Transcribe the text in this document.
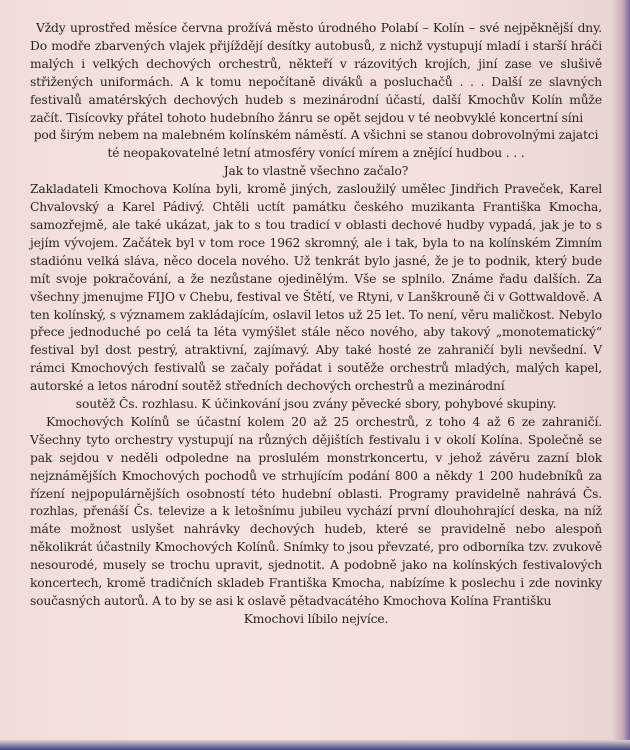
Vždy uprostřed měsíce června prožívá město úrodného Polabí – Kolín – své nejpěknější dny. Do modře zbarvených vlajek přijíždějí desítky autobusů, z nichž vystupují mladí i starší hráči malých i velkých dechových orchestrů, někteří v rázovitých krojích, jiní zase ve slušivě střižených uniformách. A k tomu nepočítaně diváků a posluchačů . . . Další ze slavných festivalů amatérských dechových hudeb s mezinárodní účastí, další Kmochův Kolín může začít. Tisícovky přátel tohoto hudebního žánru se opět sejdou v té neobvyklé koncertní síni

pod širým nebem na malebném kolínském náměstí. A všichni se stanou dobrovolnými zajatci té neopakovatelné letní atmosféry vonící mírem a znějící hudbou . . .

Jak to vlastně všechno začalo?

Zakladateli Kmochova Kolína byli, kromě jiných, zasloužilý umělec Jindřich Praveček, Karel Chvalovský a Karel Pádivý. Chtěli uctít památku českého muzikanta Františka Kmocha, samozřejmě, ale také ukázat, jak to s tou tradicí v oblasti dechové hudby vypadá, jak je to s jejím vývojem. Začátek byl v tom roce 1962 skromný, ale i tak, byla to na kolínském Zimním stadiónu velká sláva, něco docela nového. Už tenkrát bylo jasné, že je to podnik, který bude mít svoje pokračování, a že nezůstane ojedinělým. Vše se splnilo. Známe řadu dalších. Za všechny jmenujme FIJO v Chebu, festival ve Štětí, ve Rtyni, v Lanškrouně či v Gottwaldově. A ten kolínský, s významem zakládajícím, oslavil letos už 25 let. To není, věru maličkost. Nebylo přece jednoduché po celá ta léta vymýšlet stále něco nového, aby takový „monotematický“ festival byl dost pestrý, atraktivní, zajímavý. Aby také hosté ze zahraničí byli nevšední. V rámci Kmochových festivalů se začaly pořádat i soutěže orchestrů mladých, malých kapel, autorské a letos národní soutěž středních dechových orchestrů a mezinárodní

soutěž Čs. rozhlasu. K účinkování jsou zvány pěvecké sbory, pohybové skupiny.

Kmochových Kolínů se účastní kolem 20 až 25 orchestrů, z toho 4 až 6 ze zahraničí. Všechny tyto orchestry vystupují na různých dějištích festivalu i v okolí Kolína. Společně se pak sejdou v neděli odpoledne na proslulém monstrkoncertu, v jehož závěru zazní blok nejznámějších Kmochových pochodů ve strhujícím podání 800 a někdy 1 200 hudebníků za řízení nejpopulárnějších osobností této hudební oblasti. Programy pravidelně nahrává Čs. rozhlas, přenáší Čs. televize a k letošnímu jubileu vychází první dlouhohrající deska, na níž máte možnost uslyšet nahrávky dechových hudeb, které se pravidelně nebo alespoň několikrát účastnily Kmochových Kolínů. Snímky to jsou převzaté, pro odborníka tzv. zvukově nesourodé, musely se trochu upravit, sjednotit. A podobně jako na kolínských festivalových koncertech, kromě tradičních skladeb Františka Kmocha, nabízíme k poslechu i zde novinky současných autorů. A to by se asi k oslavě pětadvacátého Kmochova Kolína Františku

Kmochovi líbilo nejvíce.
